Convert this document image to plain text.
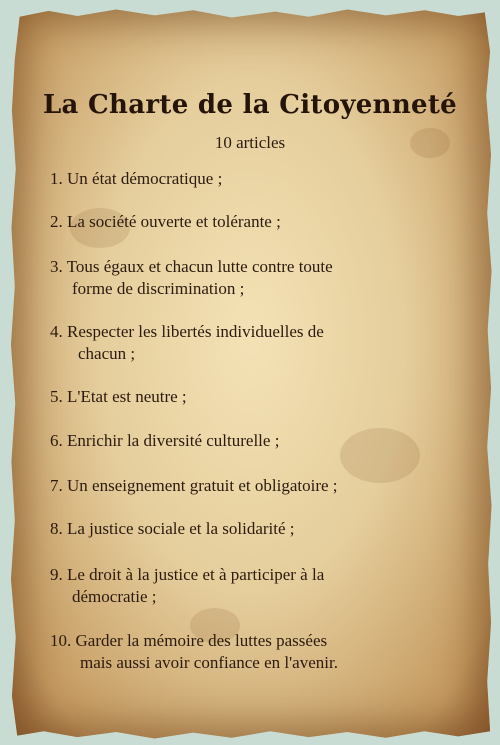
La Charte de la Citoyenneté
10 articles
1. Un état démocratique ;
2. La société ouverte et tolérante ;
3. Tous égaux et chacun lutte contre toute
forme de discrimination ;
4. Respecter les libertés individuelles de
chacun ;
5. L'Etat est neutre ;
6. Enrichir la diversité culturelle ;
7. Un enseignement gratuit et obligatoire ;
8. La justice sociale et la solidarité ;
9. Le droit à la justice et à participer à la
démocratie ;
10. Garder la mémoire des luttes passées
mais aussi avoir confiance en l'avenir.
